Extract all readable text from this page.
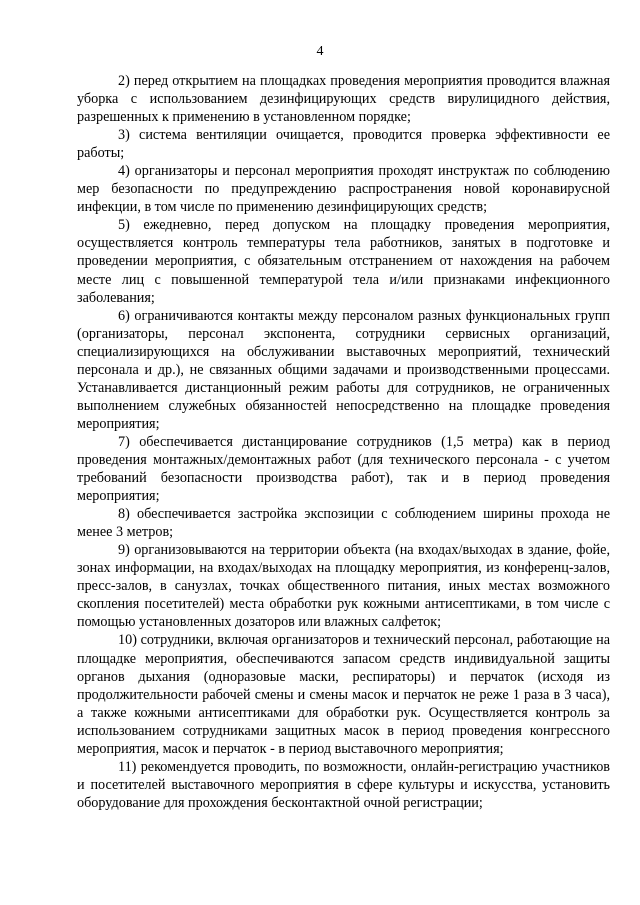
4

2) перед открытием на площадках проведения мероприятия проводится влажная уборка с использованием дезинфицирующих средств вирулицидного действия, разрешенных к применению в установленном порядке;

3) система вентиляции очищается, проводится проверка эффективности ее работы;

4) организаторы и персонал мероприятия проходят инструктаж по соблюдению мер безопасности по предупреждению распространения новой коронавирусной инфекции, в том числе по применению дезинфицирующих средств;

5) ежедневно, перед допуском на площадку проведения мероприятия, осуществляется контроль температуры тела работников, занятых в подготовке и проведении мероприятия, с обязательным отстранением от нахождения на рабочем месте лиц с повышенной температурой тела и/или признаками инфекционного заболевания;

6) ограничиваются контакты между персоналом разных функциональных групп (организаторы, персонал экспонента, сотрудники сервисных организаций, специализирующихся на обслуживании выставочных мероприятий, технический персонала и др.), не связанных общими задачами и производственными процессами. Устанавливается дистанционный режим работы для сотрудников, не ограниченных выполнением служебных обязанностей непосредственно на площадке проведения мероприятия;

7) обеспечивается дистанцирование сотрудников (1,5 метра) как в период проведения монтажных/демонтажных работ (для технического персонала - с учетом требований безопасности производства работ), так и в период проведения мероприятия;

8) обеспечивается застройка экспозиции с соблюдением ширины прохода не менее 3 метров;

9) организовываются на территории объекта (на входах/выходах в здание, фойе, зонах информации, на входах/выходах на площадку мероприятия, из конференц-залов, пресс-залов, в санузлах, точках общественного питания, иных местах возможного скопления посетителей) места обработки рук кожными антисептиками, в том числе с помощью установленных дозаторов или влажных салфеток;

10) сотрудники, включая организаторов и технический персонал, работающие на площадке мероприятия, обеспечиваются запасом средств индивидуальной защиты органов дыхания (одноразовые маски, респираторы) и перчаток (исходя из продолжительности рабочей смены и смены масок и перчаток не реже 1 раза в 3 часа), а также кожными антисептиками для обработки рук. Осуществляется контроль за использованием сотрудниками защитных масок в период проведения конгрессного мероприятия, масок и перчаток - в период выставочного мероприятия;

11) рекомендуется проводить, по возможности, онлайн-регистрацию участников и посетителей выставочного мероприятия в сфере культуры и искусства, установить оборудование для прохождения бесконтактной очной регистрации;
